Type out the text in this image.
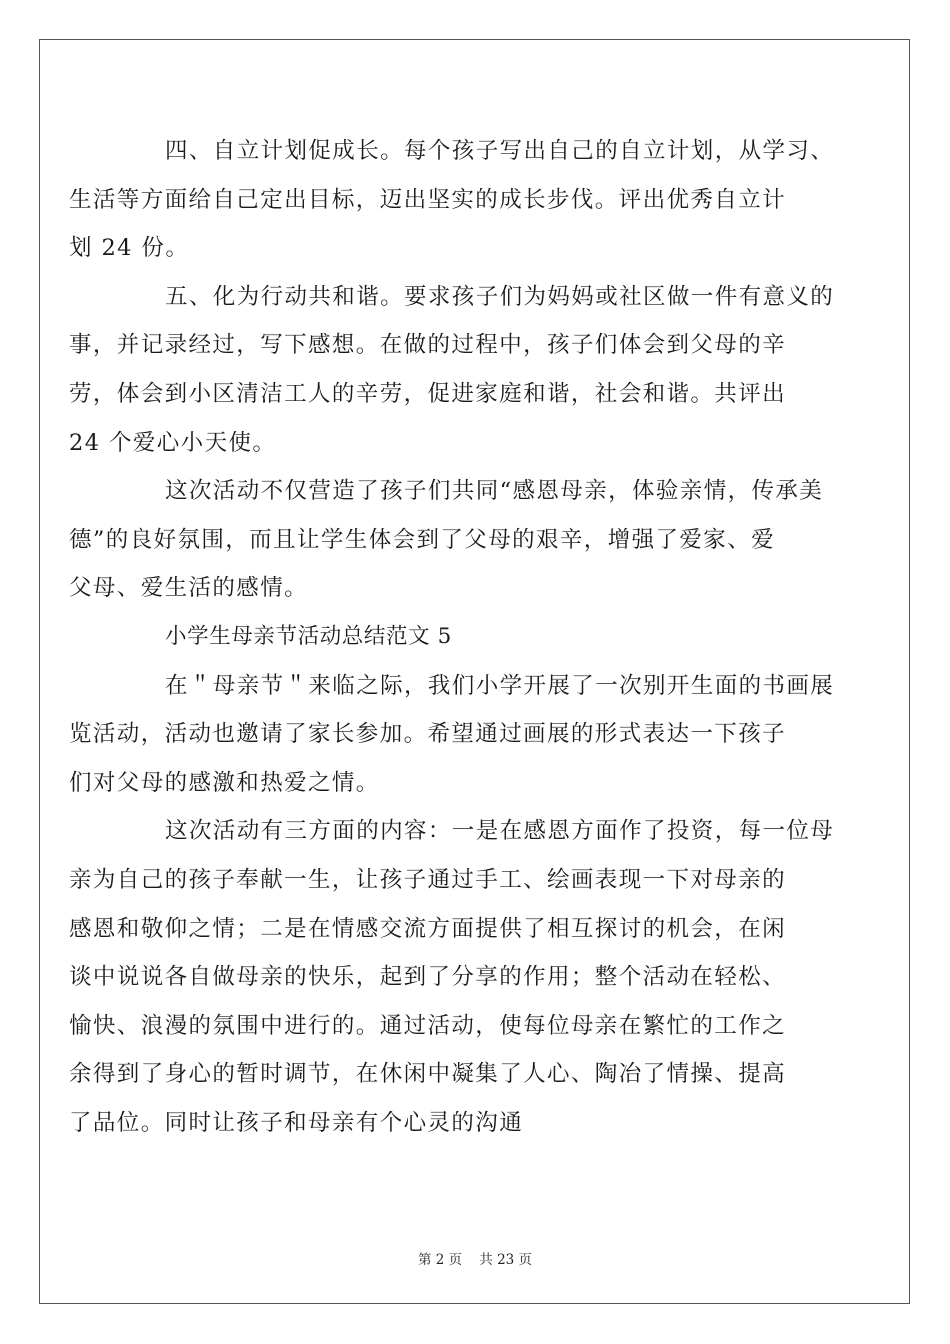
四、自立计划促成长。每个孩子写出自己的自立计划，从学习、
生活等方面给自己定出目标，迈出坚实的成长步伐。评出优秀自立计
划 24 份。
五、化为行动共和谐。要求孩子们为妈妈或社区做一件有意义的
事，并记录经过，写下感想。在做的过程中，孩子们体会到父母的辛
劳，体会到小区清洁工人的辛劳，促进家庭和谐，社会和谐。共评出
24 个爱心小天使。
这次活动不仅营造了孩子们共同“感恩母亲，体验亲情，传承美
德”的良好氛围，而且让学生体会到了父母的艰辛，增强了爱家、爱
父母、爱生活的感情。
小学生母亲节活动总结范文 5
在＂母亲节＂来临之际，我们小学开展了一次别开生面的书画展
览活动，活动也邀请了家长参加。希望通过画展的形式表达一下孩子
们对父母的感激和热爱之情。
这次活动有三方面的内容：一是在感恩方面作了投资，每一位母
亲为自己的孩子奉献一生，让孩子通过手工、绘画表现一下对母亲的
感恩和敬仰之情；二是在情感交流方面提供了相互探讨的机会，在闲
谈中说说各自做母亲的快乐，起到了分享的作用；整个活动在轻松、
愉快、浪漫的氛围中进行的。通过活动，使每位母亲在繁忙的工作之
余得到了身心的暂时调节，在休闲中凝集了人心、陶冶了情操、提高
了品位。同时让孩子和母亲有个心灵的沟通
第 2 页    共 23 页
